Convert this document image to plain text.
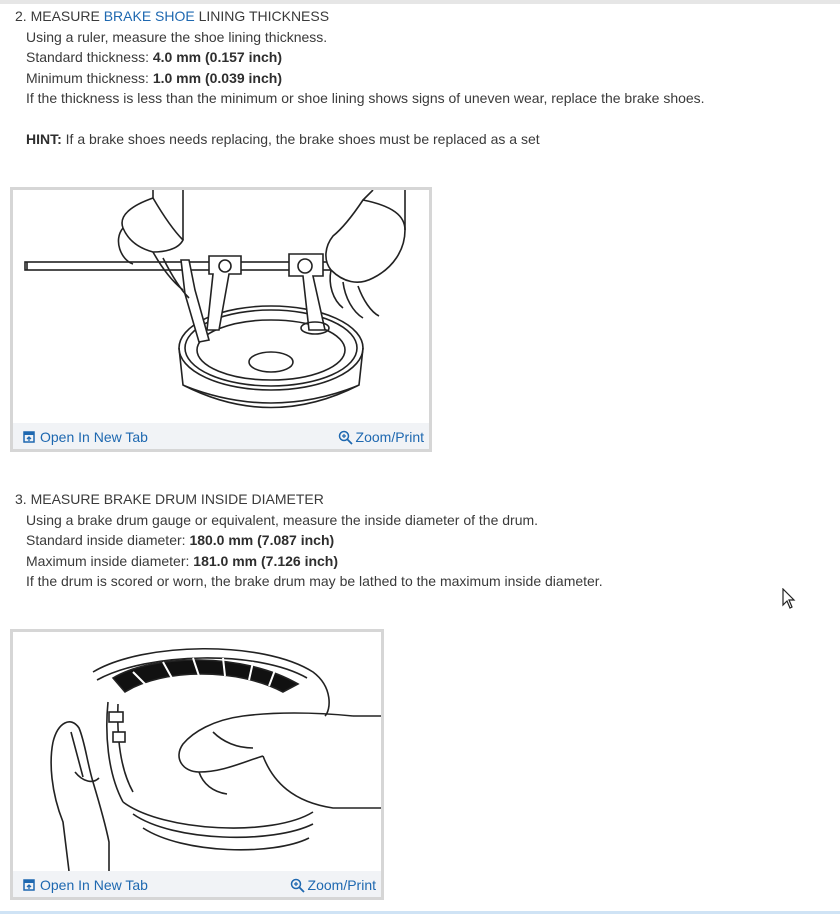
2. MEASURE BRAKE SHOE LINING THICKNESS
Using a ruler, measure the shoe lining thickness.
Standard thickness: 4.0 mm (0.157 inch)
Minimum thickness: 1.0 mm (0.039 inch)
If the thickness is less than the minimum or shoe lining shows signs of uneven wear, replace the brake shoes.
HINT: If a brake shoes needs replacing, the brake shoes must be replaced as a set
Open In New Tab	Zoom/Print
3. MEASURE BRAKE DRUM INSIDE DIAMETER
Using a brake drum gauge or equivalent, measure the inside diameter of the drum.
Standard inside diameter: 180.0 mm (7.087 inch)
Maximum inside diameter: 181.0 mm (7.126 inch)
If the drum is scored or worn, the brake drum may be lathed to the maximum inside diameter.
Open In New Tab	Zoom/Print
